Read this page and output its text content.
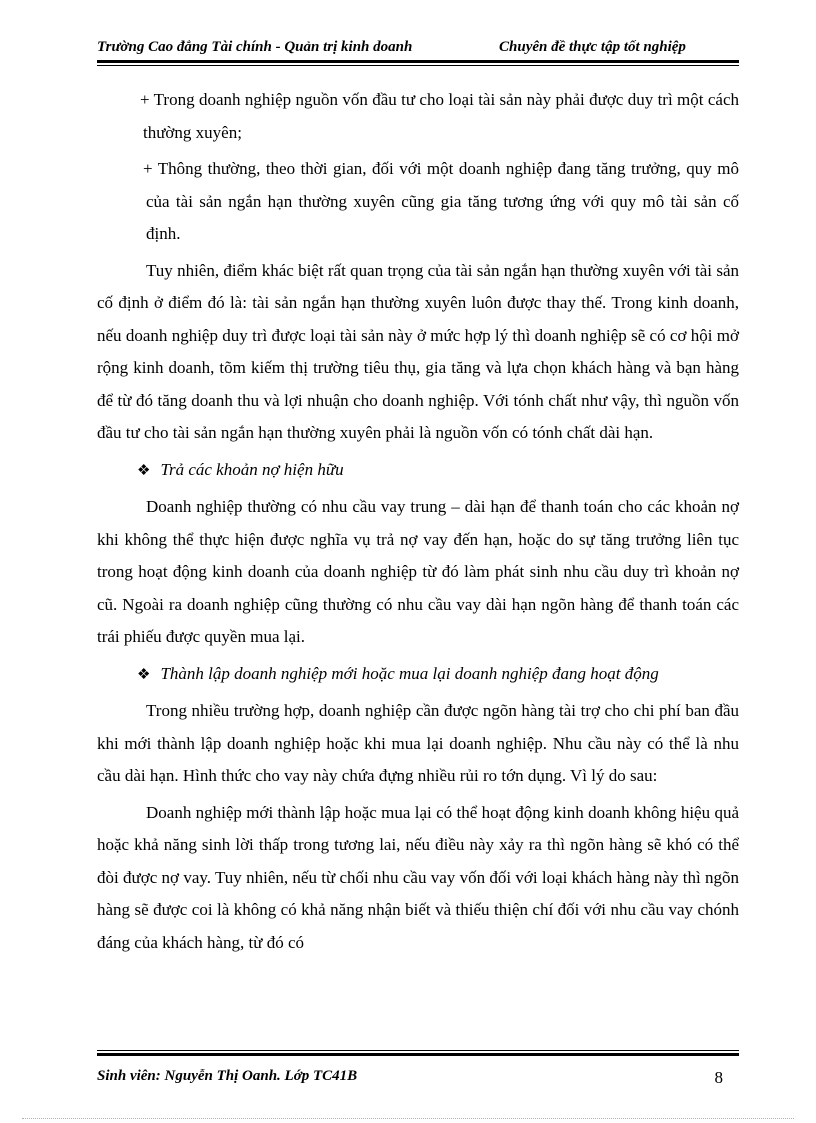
Trường Cao đẳng Tài chính - Quản trị kinh doanh	Chuyên đề thực tập tốt nghiệp

+ Trong doanh nghiệp nguồn vốn đầu tư cho loại tài sản này phải được duy trì một cách thường xuyên;

+ Thông thường, theo thời gian, đối với một doanh nghiệp đang tăng trưởng, quy mô của tài sản ngắn hạn thường xuyên cũng gia tăng tương ứng với quy mô tài sản cố định.

Tuy nhiên, điểm khác biệt rất quan trọng của tài sản ngắn hạn thường xuyên với tài sản cố định ở điểm đó là: tài sản ngắn hạn thường xuyên luôn được thay thế. Trong kinh doanh, nếu doanh nghiệp duy trì được loại tài sản này ở mức hợp lý thì doanh nghiệp sẽ có cơ hội mở rộng kinh doanh, tõm kiếm thị trường tiêu thụ, gia tăng và lựa chọn khách hàng và bạn hàng để từ đó tăng doanh thu và lợi nhuận cho doanh nghiệp. Với tónh chất như vậy, thì nguồn vốn đầu tư cho tài sản ngắn hạn thường xuyên phải là nguồn vốn có tónh chất dài hạn.

❖ Trả các khoản nợ hiện hữu

Doanh nghiệp thường có nhu cầu vay trung – dài hạn để thanh toán cho các khoản nợ khi không thể thực hiện được nghĩa vụ trả nợ vay đến hạn, hoặc do sự tăng trưởng liên tục trong hoạt động kinh doanh của doanh nghiệp từ đó làm phát sinh nhu cầu duy trì khoản nợ cũ. Ngoài ra doanh nghiệp cũng thường có nhu cầu vay dài hạn ngõn hàng để thanh toán các trái phiếu được quyền mua lại.

❖ Thành lập doanh nghiệp mới hoặc mua lại doanh nghiệp đang hoạt động

Trong nhiều trường hợp, doanh nghiệp cần được ngõn hàng tài trợ cho chi phí ban đầu khi mới thành lập doanh nghiệp hoặc khi mua lại doanh nghiệp. Nhu cầu này có thể là nhu cầu dài hạn. Hình thức cho vay này chứa đựng nhiều rủi ro tớn dụng. Vì lý do sau:

Doanh nghiệp mới thành lập hoặc mua lại có thể hoạt động kinh doanh không hiệu quả hoặc khả năng sinh lời thấp trong tương lai, nếu điều này xảy ra thì ngõn hàng sẽ khó có thể đòi được nợ vay. Tuy nhiên, nếu từ chối nhu cầu vay vốn đối với loại khách hàng này thì ngõn hàng sẽ được coi là không có khả năng nhận biết và thiếu thiện chí đối với nhu cầu vay chónh đáng của khách hàng, từ đó có

Sinh viên: Nguyễn Thị Oanh. Lớp TC41B	8
